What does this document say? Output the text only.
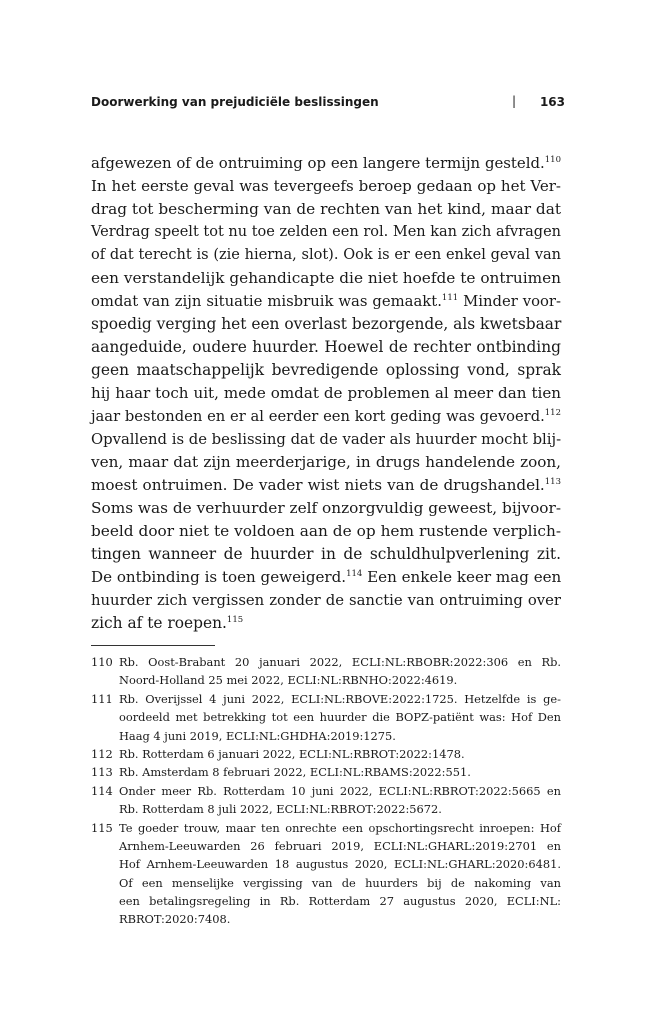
Doorwerking van prejudiciële beslissingen	| 163
afgewezen of de ontruiming op een langere termijn gesteld.$^{110}$
In het eerste geval was tevergeefs beroep gedaan op het Ver-
drag tot bescherming van de rechten van het kind, maar dat
Verdrag speelt tot nu toe zelden een rol. Men kan zich afvragen
of dat terecht is (zie hierna, slot). Ook is er een enkel geval van
een verstandelijk gehandicapte die niet hoefde te ontruimen
omdat van zijn situatie misbruik was gemaakt.$^{111}$ Minder voor-
spoedig verging het een overlast bezorgende, als kwetsbaar
aangeduide, oudere huurder. Hoewel de rechter ontbinding
geen maatschappelijk bevredigende oplossing vond, sprak
hij haar toch uit, mede omdat de problemen al meer dan tien
jaar bestonden en er al eerder een kort geding was gevoerd.$^{112}$
Opvallend is de beslissing dat de vader als huurder mocht blij-
ven, maar dat zijn meerderjarige, in drugs handelende zoon,
moest ontruimen. De vader wist niets van de drugshandel.$^{113}$
Soms was de verhuurder zelf onzorgvuldig geweest, bijvoor-
beeld door niet te voldoen aan de op hem rustende verplich-
tingen wanneer de huurder in de schuldhulpverlening zit.
De ontbinding is toen geweigerd.$^{114}$ Een enkele keer mag een
huurder zich vergissen zonder de sanctie van ontruiming over
zich af te roepen.$^{115}$
110 Rb. Oost-Brabant 20 januari 2022, ECLI:NL:RBOBR:2022:306 en Rb.
Noord-Holland 25 mei 2022, ECLI:NL:RBNHO:2022:4619.
111 Rb. Overijssel 4 juni 2022, ECLI:NL:RBOVE:2022:1725. Hetzelfde is ge-
oordeeld met betrekking tot een huurder die BOPZ-patiënt was: Hof Den
Haag 4 juni 2019, ECLI:NL:GHDHA:2019:1275.
112 Rb. Rotterdam 6 januari 2022, ECLI:NL:RBROT:2022:1478.
113 Rb. Amsterdam 8 februari 2022, ECLI:NL:RBAMS:2022:551.
114 Onder meer Rb. Rotterdam 10 juni 2022, ECLI:NL:RBROT:2022:5665 en
Rb. Rotterdam 8 juli 2022, ECLI:NL:RBROT:2022:5672.
115 Te goeder trouw, maar ten onrechte een opschortingsrecht inroepen: Hof
Arnhem-Leeuwarden 26 februari 2019, ECLI:NL:GHARL:2019:2701 en
Hof Arnhem-Leeuwarden 18 augustus 2020, ECLI:NL:GHARL:2020:6481.
Of een menselijke vergissing van de huurders bij de nakoming van
een betalingsregeling in Rb. Rotterdam 27 augustus 2020, ECLI:NL:
RBROT:2020:7408.
